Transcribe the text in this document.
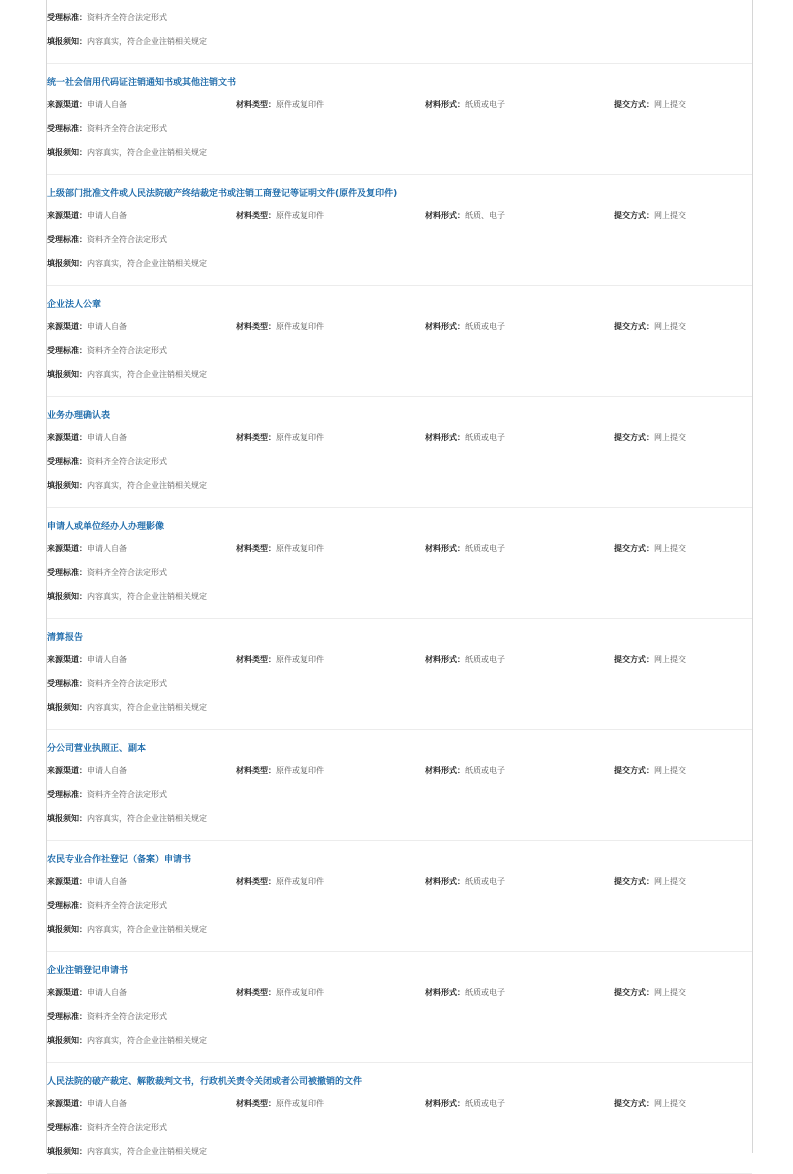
受理标准：资料齐全符合法定形式
填报须知：内容真实，符合企业注销相关规定
统一社会信用代码证注销通知书或其他注销文书
来源渠道：申请人自备	材料类型：原件或复印件	材料形式：纸质或电子	提交方式：网上提交
受理标准：资料齐全符合法定形式
填报须知：内容真实，符合企业注销相关规定
上级部门批准文件或人民法院破产终结裁定书或注销工商登记等证明文件(原件及复印件)
来源渠道：申请人自备	材料类型：原件或复印件	材料形式：纸质、电子	提交方式：网上提交
受理标准：资料齐全符合法定形式
填报须知：内容真实，符合企业注销相关规定
企业法人公章
来源渠道：申请人自备	材料类型：原件或复印件	材料形式：纸质或电子	提交方式：网上提交
受理标准：资料齐全符合法定形式
填报须知：内容真实，符合企业注销相关规定
业务办理确认表
来源渠道：申请人自备	材料类型：原件或复印件	材料形式：纸质或电子	提交方式：网上提交
受理标准：资料齐全符合法定形式
填报须知：内容真实，符合企业注销相关规定
申请人或单位经办人办理影像
来源渠道：申请人自备	材料类型：原件或复印件	材料形式：纸质或电子	提交方式：网上提交
受理标准：资料齐全符合法定形式
填报须知：内容真实，符合企业注销相关规定
清算报告
来源渠道：申请人自备	材料类型：原件或复印件	材料形式：纸质或电子	提交方式：网上提交
受理标准：资料齐全符合法定形式
填报须知：内容真实，符合企业注销相关规定
分公司营业执照正、副本
来源渠道：申请人自备	材料类型：原件或复印件	材料形式：纸质或电子	提交方式：网上提交
受理标准：资料齐全符合法定形式
填报须知：内容真实，符合企业注销相关规定
农民专业合作社登记（备案）申请书
来源渠道：申请人自备	材料类型：原件或复印件	材料形式：纸质或电子	提交方式：网上提交
受理标准：资料齐全符合法定形式
填报须知：内容真实，符合企业注销相关规定
企业注销登记申请书
来源渠道：申请人自备	材料类型：原件或复印件	材料形式：纸质或电子	提交方式：网上提交
受理标准：资料齐全符合法定形式
填报须知：内容真实，符合企业注销相关规定
人民法院的破产裁定、解散裁判文书，行政机关责令关闭或者公司被撤销的文件
来源渠道：申请人自备	材料类型：原件或复印件	材料形式：纸质或电子	提交方式：网上提交
受理标准：资料齐全符合法定形式
填报须知：内容真实，符合企业注销相关规定
